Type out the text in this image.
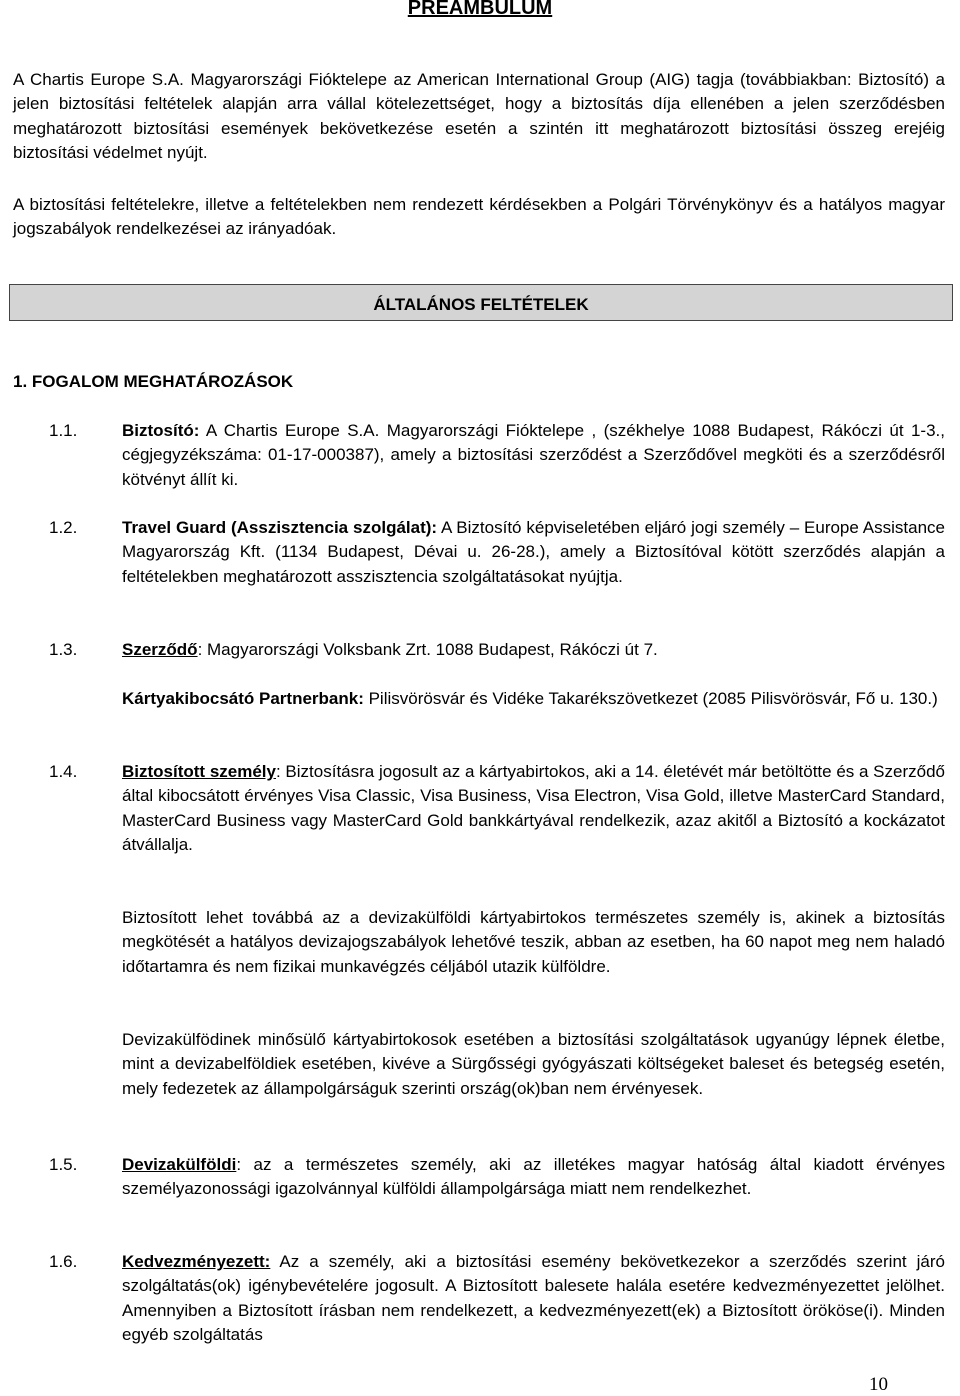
PREAMBULUM
A Chartis Europe S.A. Magyarországi Fióktelepe az American International Group (AIG) tagja (továbbiakban: Biztosító) a jelen biztosítási feltételek alapján arra vállal kötelezettséget, hogy a biztosítás díja ellenében a jelen szerződésben meghatározott biztosítási események bekövetkezése esetén a szintén itt meghatározott biztosítási összeg erejéig biztosítási védelmet nyújt.
A biztosítási feltételekre, illetve a feltételekben nem rendezett kérdésekben a Polgári Törvénykönyv és a hatályos magyar jogszabályok rendelkezései az irányadóak.
ÁLTALÁNOS FELTÉTELEK
1. FOGALOM MEGHATÁROZÁSOK
1.1.	Biztosító: A Chartis Europe S.A. Magyarországi Fióktelepe , (székhelye 1088 Budapest, Rákóczi út 1-3., cégjegyzékszáma: 01-17-000387), amely a biztosítási szerződést a Szerződővel megköti és a szerződésről kötvényt állít ki.
1.2.	Travel Guard (Asszisztencia szolgálat): A Biztosító képviseletében eljáró jogi személy – Europe Assistance Magyarország Kft. (1134 Budapest, Dévai u. 26-28.), amely a Biztosítóval kötött szerződés alapján a feltételekben meghatározott asszisztencia szolgáltatásokat nyújtja.
1.3.	Szerződő: Magyarországi Volksbank Zrt. 1088 Budapest, Rákóczi út 7.
Kártyakibocsátó Partnerbank: Pilisvörösvár és Vidéke Takarékszövetkezet (2085 Pilisvörösvár, Fő u. 130.)
1.4.	Biztosított személy: Biztosításra jogosult az a kártyabirtokos, aki a 14. életévét már betöltötte és a Szerződő által kibocsátott érvényes Visa Classic, Visa Business, Visa Electron, Visa Gold, illetve MasterCard Standard, MasterCard Business vagy MasterCard Gold bankkártyával rendelkezik, azaz akitől a Biztosító a kockázatot átvállalja.
Biztosított lehet továbbá az a devizakülföldi kártyabirtokos természetes személy is, akinek a biztosítás megkötését a hatályos devizajogszabályok lehetővé teszik, abban az esetben, ha 60 napot meg nem haladó időtartamra és nem fizikai munkavégzés céljából utazik külföldre.
Devizakülfödinek minősülő kártyabirtokosok esetében a biztosítási szolgáltatások ugyanúgy lépnek életbe, mint a devizabelföldiek esetében, kivéve a Sürgősségi gyógyászati költségeket baleset és betegség esetén, mely fedezetek az állampolgárságuk szerinti ország(ok)ban nem érvényesek.
1.5.	Devizakülföldi: az a természetes személy, aki az illetékes magyar hatóság által kiadott érvényes személyazonossági igazolvánnyal külföldi állampolgársága miatt nem rendelkezhet.
1.6.	Kedvezményezett: Az a személy, aki a biztosítási esemény bekövetkezekor a szerződés szerint járó szolgáltatás(ok) igénybevételére jogosult. A Biztosított balesete halála esetére kedvezményezettet jelölhet. Amennyiben a Biztosított írásban nem rendelkezett, a kedvezményezett(ek) a Biztosított örököse(i). Minden egyéb szolgáltatás
10
